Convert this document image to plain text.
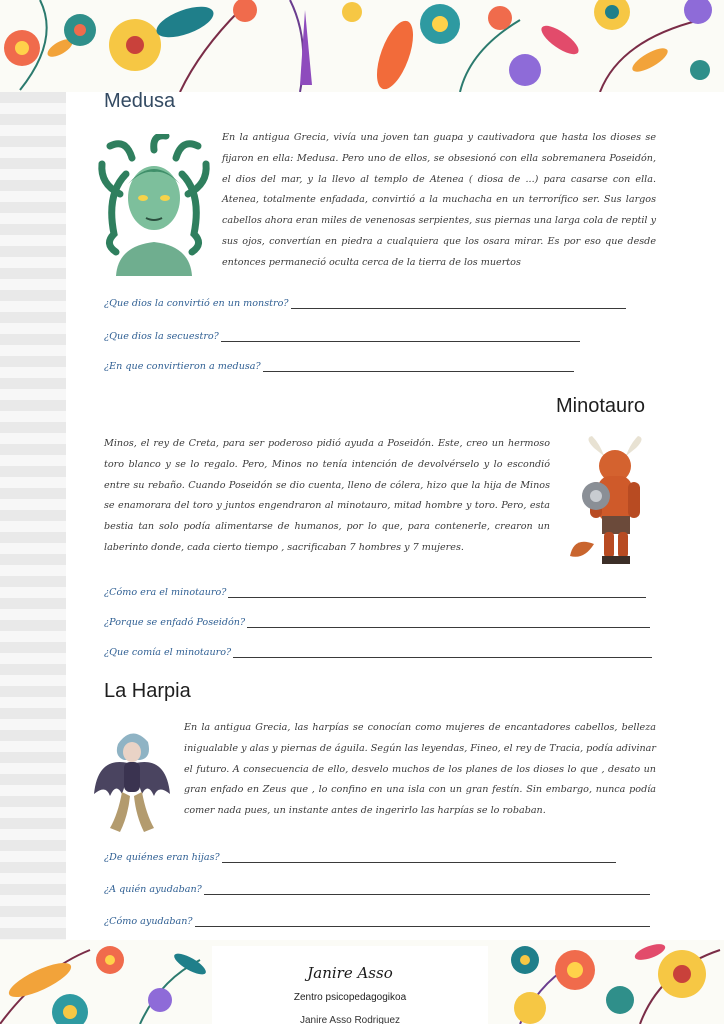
Medusa

En la antigua Grecia, vivía una joven tan guapa y cautivadora que hasta los dioses se fijaron en ella: Medusa. Pero uno de ellos, se obsesionó con ella sobremanera Poseidón, el dios del mar, y la llevo al templo de Atenea ( diosa de ...) para casarse con ella. Atenea, totalmente enfadada, convirtió a la muchacha en un terrorífico ser. Sus largos cabellos ahora eran miles de venenosas serpientes, sus piernas una larga cola de reptil y sus ojos, convertían en piedra a cualquiera que los osara mirar. Es por eso que desde entonces permaneció oculta cerca de la tierra de los muertos

¿Que dios la convirtió en un monstro?
¿Que dios la secuestro?
¿En que convirtieron a medusa?
Minotauro

Minos, el rey de Creta, para ser poderoso pidió ayuda a Poseidón. Este, creo un hermoso toro blanco y se lo regalo. Pero, Minos no tenía intención de devolvérselo y lo escondió entre su rebaño. Cuando Poseidón se dio cuenta, lleno de cólera, hizo que la hija de Minos se enamorara del toro y juntos engendraron al minotauro, mitad hombre y toro. Pero, esta bestia tan solo podía alimentarse de humanos, por lo que, para contenerle, crearon un laberinto donde, cada cierto tiempo , sacrificaban 7 hombres y 7 mujeres.

¿Cómo era el minotauro?
¿Porque se enfadó Poseidón?
¿Que comía el minotauro?
La Harpia

En la antigua Grecia, las harpías se conocían como mujeres de encantadores cabellos, belleza inigualable y alas y piernas de águila. Según las leyendas, Fineo, el rey de Tracia, podía adivinar el futuro. A consecuencia de ello, desvelo muchos de los planes de los dioses lo que , desato un gran enfado en Zeus que , lo confino en una isla con un gran festín. Sin embargo, nunca podía comer nada pues, un instante antes de ingerirlo las harpías se lo robaban.

¿De quiénes eran hijas?
¿A quién ayudaban?
¿Cómo ayudaban?
Janire Asso
Zentro psicopedagogikoa
Janire Asso Rodriguez
